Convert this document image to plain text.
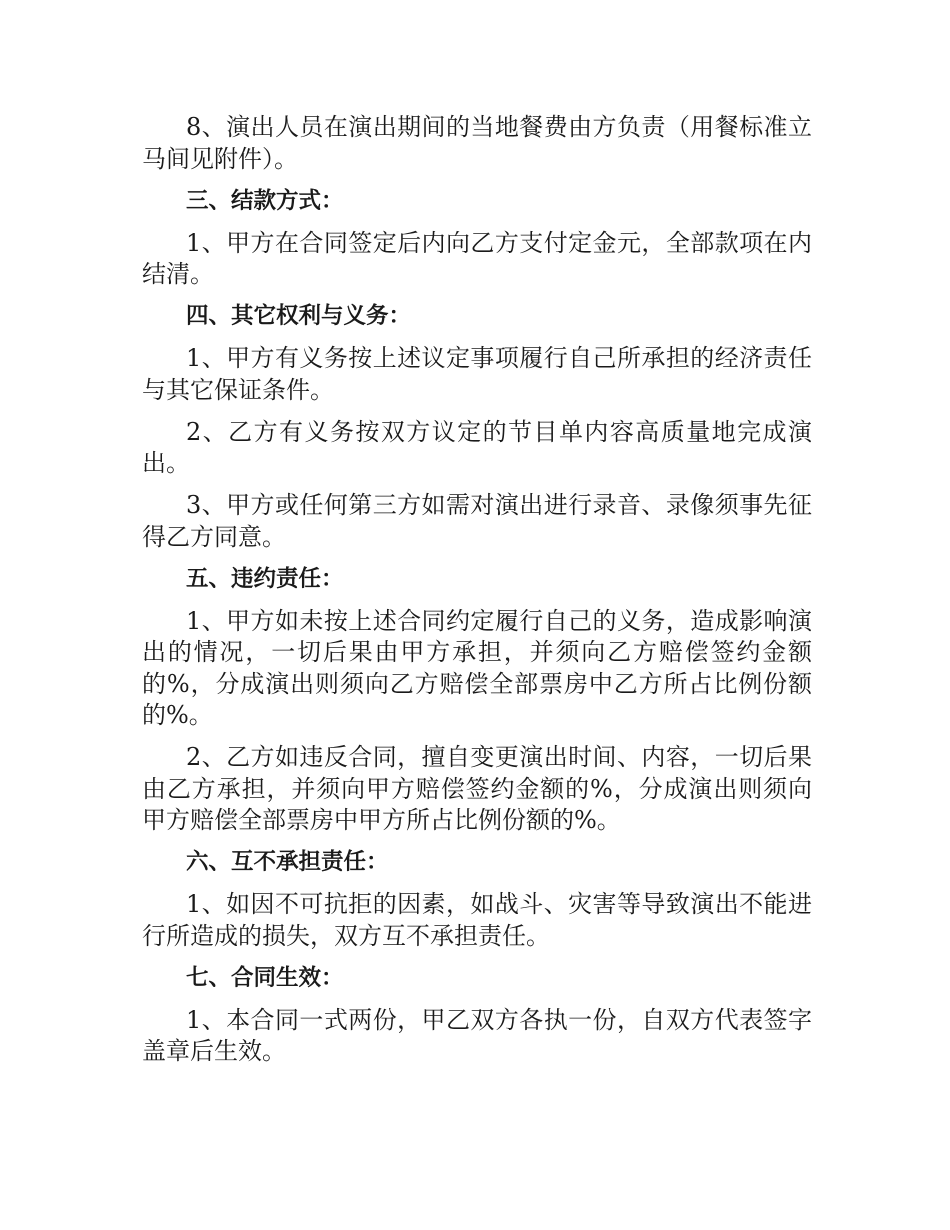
8、演出人员在演出期间的当地餐费由方负责（用餐标准立马间见附件）。

三、结款方式：

1、甲方在合同签定后内向乙方支付定金元，全部款项在内结清。

四、其它权利与义务：

1、甲方有义务按上述议定事项履行自己所承担的经济责任与其它保证条件。

2、乙方有义务按双方议定的节目单内容高质量地完成演出。

3、甲方或任何第三方如需对演出进行录音、录像须事先征得乙方同意。

五、违约责任：

1、甲方如未按上述合同约定履行自己的义务，造成影响演出的情况，一切后果由甲方承担，并须向乙方赔偿签约金额的%，分成演出则须向乙方赔偿全部票房中乙方所占比例份额的%。

2、乙方如违反合同，擅自变更演出时间、内容，一切后果由乙方承担，并须向甲方赔偿签约金额的%，分成演出则须向甲方赔偿全部票房中甲方所占比例份额的%。

六、互不承担责任：

1、如因不可抗拒的因素，如战斗、灾害等导致演出不能进行所造成的损失，双方互不承担责任。

七、合同生效：

1、本合同一式两份，甲乙双方各执一份，自双方代表签字盖章后生效。
